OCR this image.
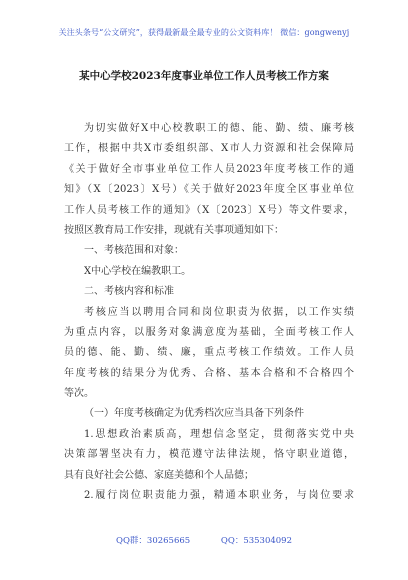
关注头条号“公文研究”，获得最新最全最专业的公文资料库！ 微信：gongwenyj
某中心学校2023年度事业单位工作人员考核工作方案
为切实做好X中心校教职工的德、能、勤、绩、廉考核
工作，根据中共X市委组织部、X市人力资源和社会保障局
《关于做好全市事业单位工作人员2023年度考核工作的通
知》（X〔2023〕X号）《关于做好2023年度全区事业单位
工作人员考核工作的通知》（X〔2023〕X号）等文件要求，
按照区教育局工作安排，现就有关事项通知如下：
一、考核范围和对象：
X中心学校在编教职工。
二、考核内容和标准
考核应当以聘用合同和岗位职责为依据，以工作实绩
为重点内容，以服务对象满意度为基础，全面考核工作人
员的德、能、勤、绩、廉，重点考核工作绩效。工作人员
年度考核的结果分为优秀、合格、基本合格和不合格四个
等次。
（一）年度考核确定为优秀档次应当具备下列条件
1.思想政治素质高，理想信念坚定，贯彻落实党中央
决策部署坚决有力，模范遵守法律法规，恪守职业道德，
具有良好社会公德、家庭美德和个人品德；
2.履行岗位职责能力强，精通本职业务，与岗位要求
QQ群：30265665	QQ：535304092
